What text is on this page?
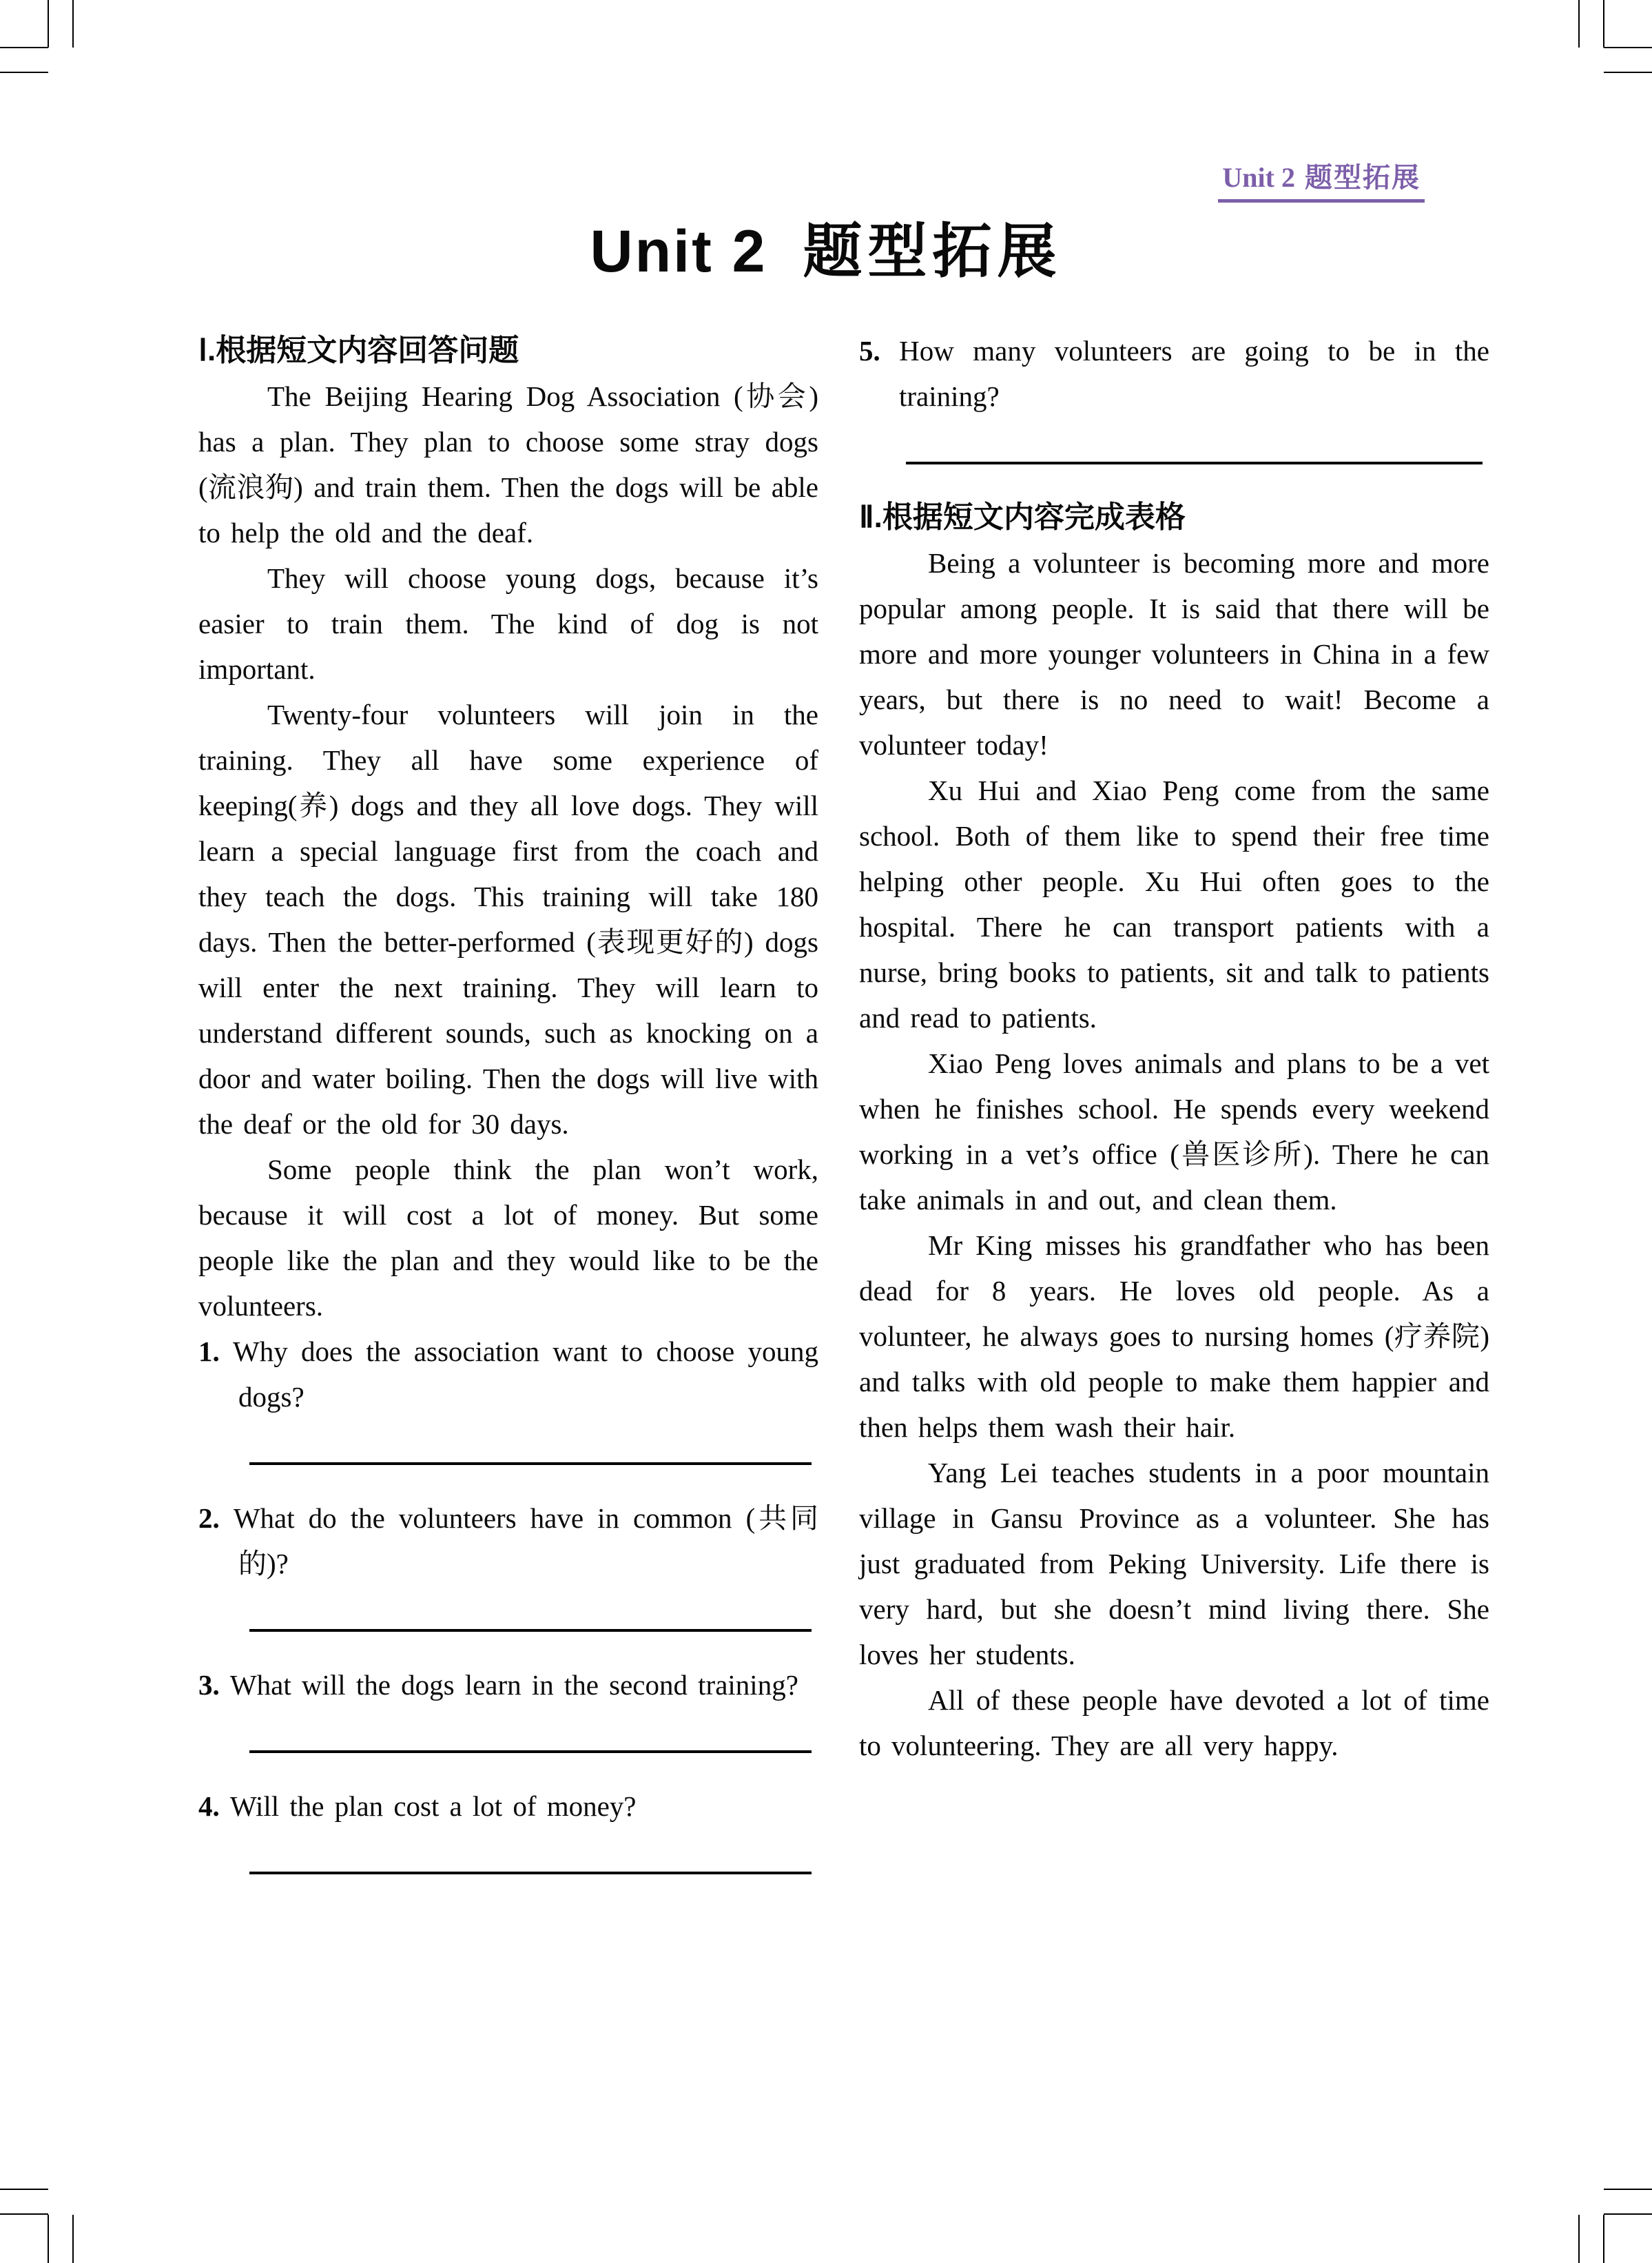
Unit 2 题型拓展
Unit 2 题型拓展
Ⅰ.根据短文内容回答问题

The Beijing Hearing Dog Association (协会) has a plan. They plan to choose some stray dogs (流浪狗) and train them. Then the dogs will be able to help the old and the deaf.

They will choose young dogs, because it’s easier to train them. The kind of dog is not important.

Twenty-four volunteers will join in the training. They all have some experience of keeping(养) dogs and they all love dogs. They will learn a special language first from the coach and they teach the dogs. This training will take 180 days. Then the better-performed (表现更好的) dogs will enter the next training. They will learn to understand different sounds, such as knocking on a door and water boiling. Then the dogs will live with the deaf or the old for 30 days.

Some people think the plan won’t work, because it will cost a lot of money. But some people like the plan and they would like to be the volunteers.

1. Why does the association want to choose young dogs?

2. What do the volunteers have in common (共同的)?

3. What will the dogs learn in the second training?

4. Will the plan cost a lot of money?

5. How many volunteers are going to be in the training?

Ⅱ.根据短文内容完成表格

Being a volunteer is becoming more and more popular among people. It is said that there will be more and more younger volunteers in China in a few years, but there is no need to wait! Become a volunteer today!

Xu Hui and Xiao Peng come from the same school. Both of them like to spend their free time helping other people. Xu Hui often goes to the hospital. There he can transport patients with a nurse, bring books to patients, sit and talk to patients and read to patients.

Xiao Peng loves animals and plans to be a vet when he finishes school. He spends every weekend working in a vet’s office (兽医诊所). There he can take animals in and out, and clean them.

Mr King misses his grandfather who has been dead for 8 years. He loves old people. As a volunteer, he always goes to nursing homes (疗养院) and talks with old people to make them happier and then helps them wash their hair.

Yang Lei teaches students in a poor mountain village in Gansu Province as a volunteer. She has just graduated from Peking University. Life there is very hard, but she doesn’t mind living there. She loves her students.

All of these people have devoted a lot of time to volunteering. They are all very happy.
